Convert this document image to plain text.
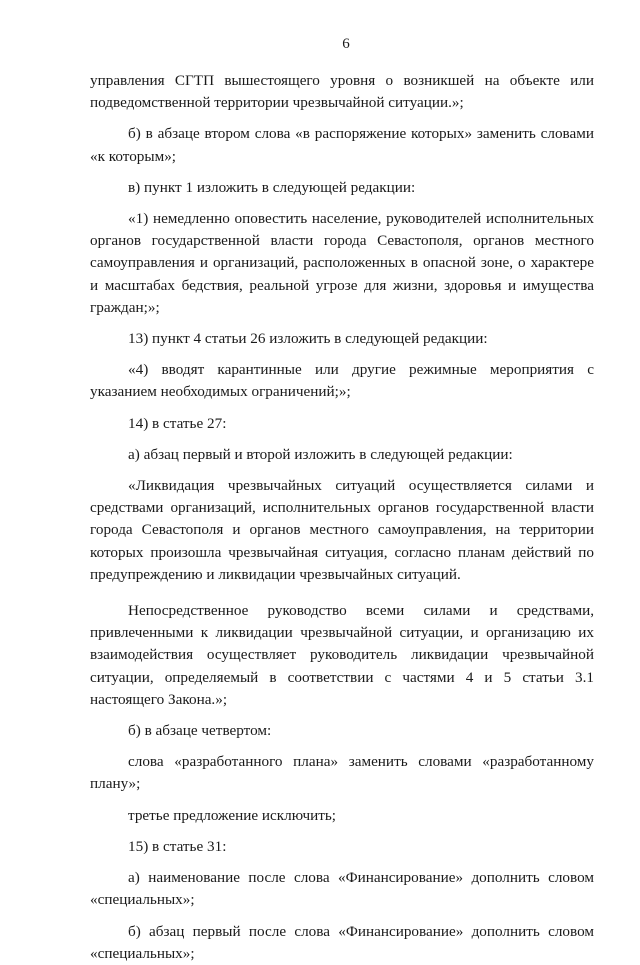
6

управления СГТП вышестоящего уровня о возникшей на объекте или подведомственной территории чрезвычайной ситуации.»;

б) в абзаце втором слова «в распоряжение которых» заменить словами «к которым»;

в) пункт 1 изложить в следующей редакции:

«1) немедленно оповестить население, руководителей исполнительных органов государственной власти города Севастополя, органов местного самоуправления и организаций, расположенных в опасной зоне, о характере и масштабах бедствия, реальной угрозе для жизни, здоровья и имущества граждан;»;

13) пункт 4 статьи 26 изложить в следующей редакции:

«4) вводят карантинные или другие режимные мероприятия с указанием необходимых ограничений;»;

14) в статье 27:

а) абзац первый и второй изложить в следующей редакции:

«Ликвидация чрезвычайных ситуаций осуществляется силами и средствами организаций, исполнительных органов государственной власти города Севастополя и органов местного самоуправления, на территории которых произошла чрезвычайная ситуация, согласно планам действий по предупреждению и ликвидации чрезвычайных ситуаций.

Непосредственное руководство всеми силами и средствами, привлеченными к ликвидации чрезвычайной ситуации, и организацию их взаимодействия осуществляет руководитель ликвидации чрезвычайной ситуации, определяемый в соответствии с частями 4 и 5 статьи 3.1 настоящего Закона.»;

б) в абзаце четвертом:

слова «разработанного плана» заменить словами «разработанному плану»;

третье предложение исключить;

15) в статье 31:

а) наименование после слова «Финансирование» дополнить словом «специальных»;

б) абзац первый после слова «Финансирование» дополнить словом «специальных»;
